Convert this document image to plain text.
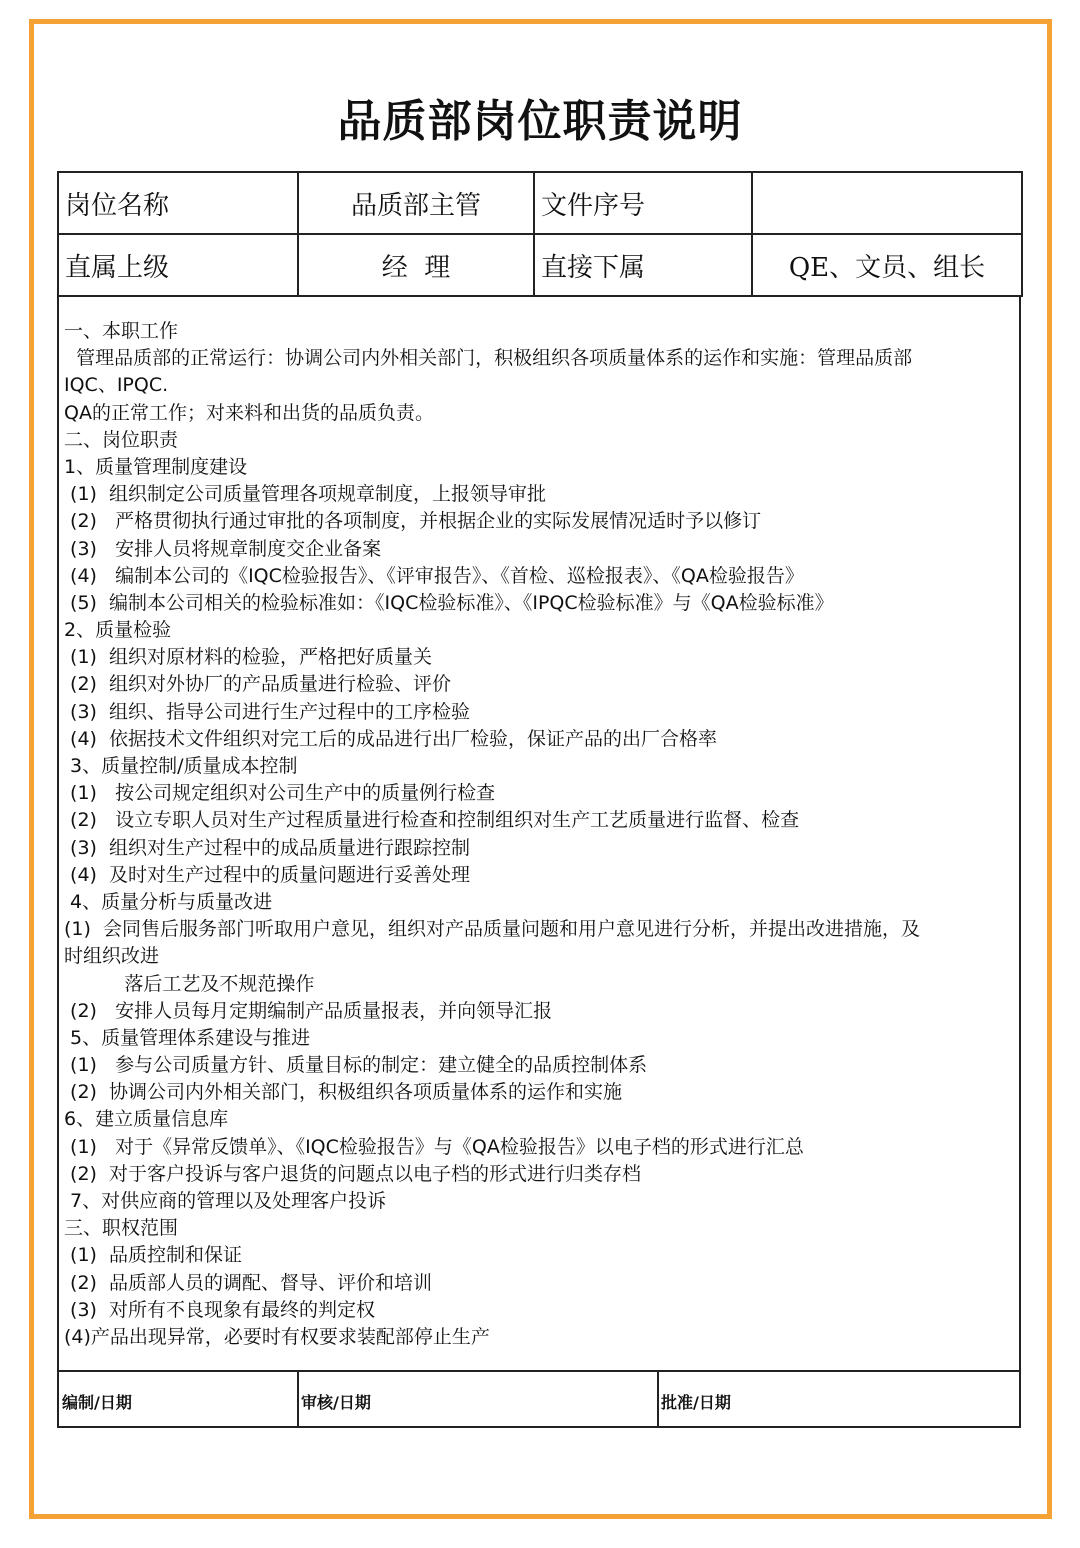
品质部岗位职责说明
岗位名称	品质部主管	文件序号	
直属上级	经  理	直接下属	QE、文员、组长
一、本职工作
管理品质部的正常运行：协调公司内外相关部门，积极组织各项质量体系的运作和实施：管理品质部
IQC、IPQC.
QA的正常工作；对来料和出货的品质负责。
二、岗位职责
1、质量管理制度建设
(1)  组织制定公司质量管理各项规章制度，上报领导审批
(2)   严格贯彻执行通过审批的各项制度，并根据企业的实际发展情况适时予以修订
(3)   安排人员将规章制度交企业备案
(4)   编制本公司的《IQC检验报告》、《评审报告》、《首检、巡检报表》、《QA检验报告》
(5)  编制本公司相关的检验标准如：《IQC检验标准》、《IPQC检验标准》与《QA检验标准》
2、质量检验
(1)  组织对原材料的检验，严格把好质量关
(2)  组织对外协厂的产品质量进行检验、评价
(3)  组织、指导公司进行生产过程中的工序检验
(4)  依据技术文件组织对完工后的成品进行出厂检验，保证产品的出厂合格率
3、质量控制/质量成本控制
(1)   按公司规定组织对公司生产中的质量例行检查
(2)   设立专职人员对生产过程质量进行检查和控制组织对生产工艺质量进行监督、检查
(3)  组织对生产过程中的成品质量进行跟踪控制
(4)  及时对生产过程中的质量问题进行妥善处理
4、质量分析与质量改进
(1)  会同售后服务部门听取用户意见，组织对产品质量问题和用户意见进行分析，并提出改进措施，及
时组织改进
落后工艺及不规范操作
(2)   安排人员每月定期编制产品质量报表，并向领导汇报
5、质量管理体系建设与推进
(1)   参与公司质量方针、质量目标的制定：建立健全的品质控制体系
(2)  协调公司内外相关部门，积极组织各项质量体系的运作和实施
6、建立质量信息库
(1)   对于《异常反馈单》、《IQC检验报告》与《QA检验报告》以电子档的形式进行汇总
(2)  对于客户投诉与客户退货的问题点以电子档的形式进行归类存档
7、对供应商的管理以及处理客户投诉
三、职权范围
(1)  品质控制和保证
(2)  品质部人员的调配、督导、评价和培训
(3)  对所有不良现象有最终的判定权
(4)产品出现异常，必要时有权要求装配部停止生产
编制/日期	审核/日期	批准/日期
